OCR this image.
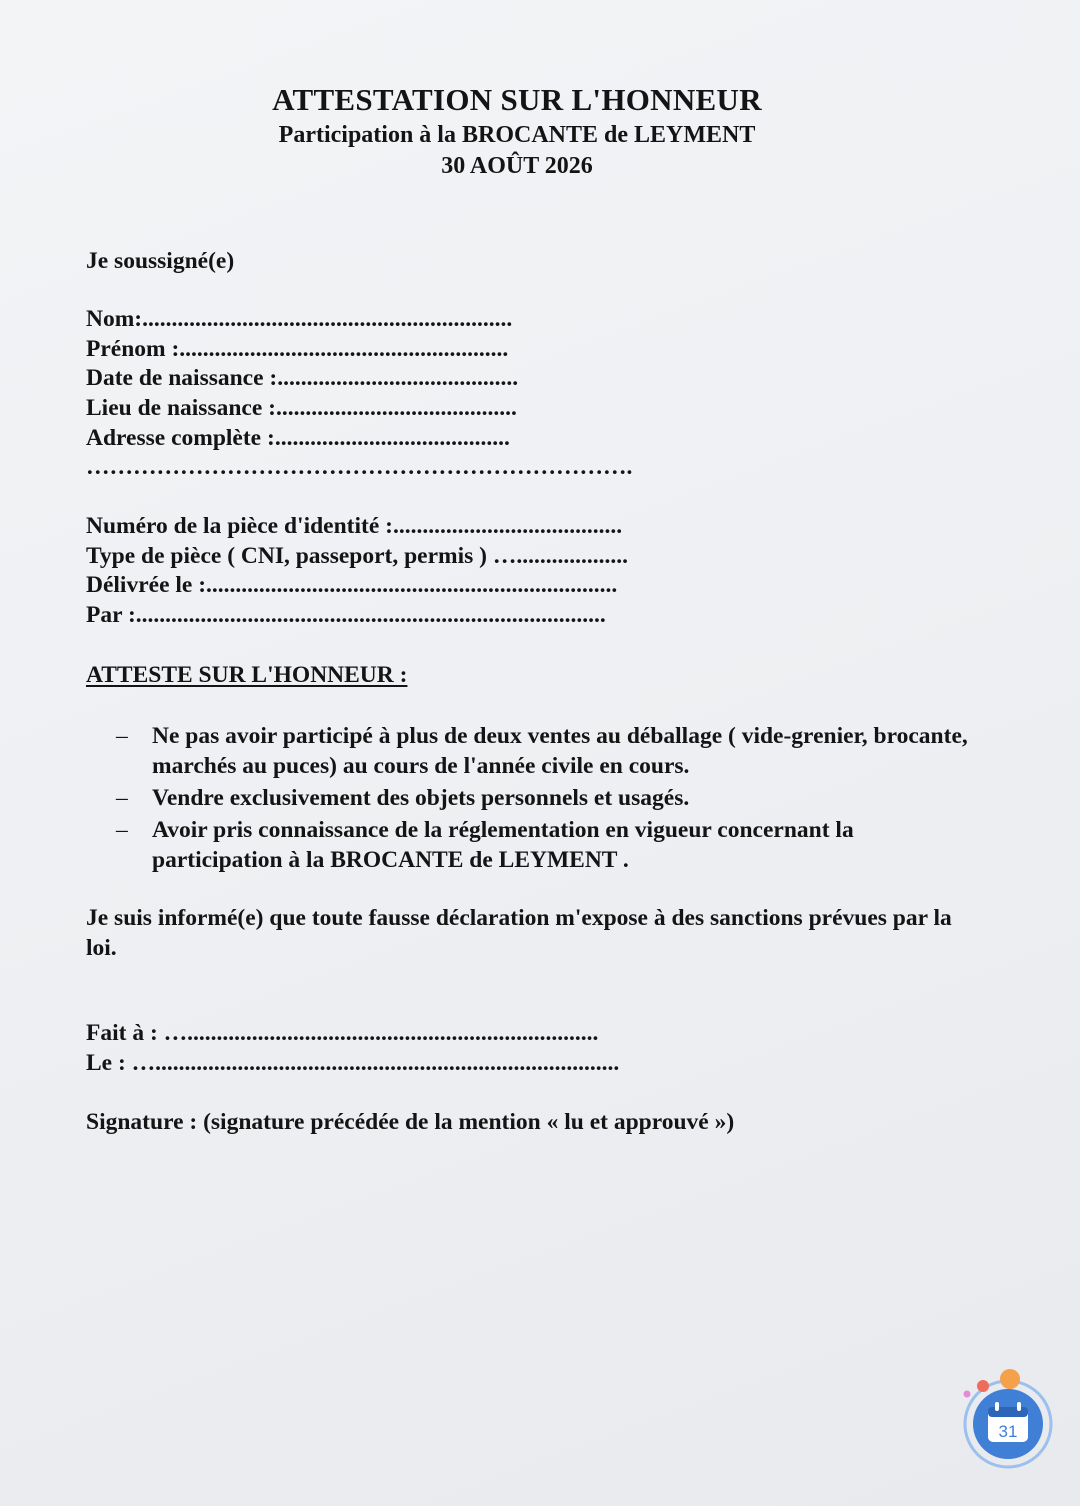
ATTESTATION SUR L'HONNEUR
Participation à la BROCANTE de LEYMENT
30 AOÛT 2026
Je soussigné(e)
Nom:...............................................................
Prénom :........................................................
Date de naissance :.........................................
Lieu de naissance :.........................................
Adresse complète :........................................
…………………………………………………………….
Numéro de la pièce d'identité :.......................................
Type de pièce ( CNI, passeport, permis ) …...................
Délivrée le :......................................................................
Par :................................................................................
ATTESTE SUR L'HONNEUR :
– Ne pas avoir participé à plus de deux ventes au déballage ( vide-grenier, brocante, marchés au puces) au cours de l'année civile en cours.
– Vendre exclusivement des objets personnels et usagés.
– Avoir pris connaissance de la réglementation en vigueur concernant la participation à la BROCANTE de LEYMENT .
Je suis informé(e) que toute fausse déclaration m'expose à des sanctions prévues par la loi.
Fait à : …......................................................................
Le : …...............................................................................
Signature : (signature précédée de la mention « lu et approuvé »)
31
